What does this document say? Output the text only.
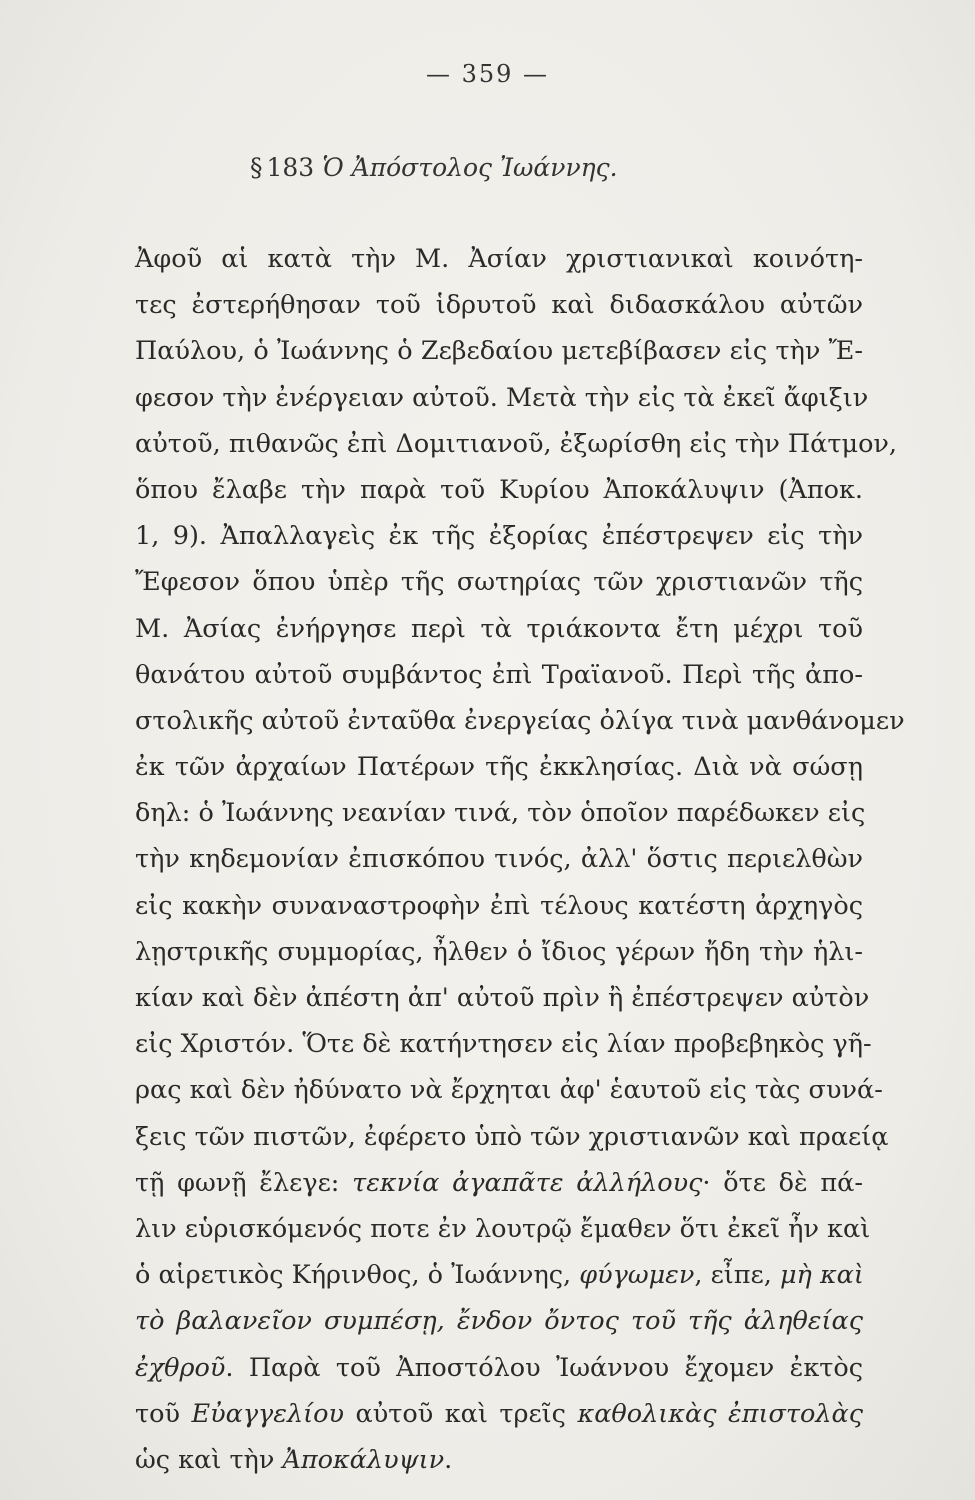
— 359 —
§ 183 Ὁ Ἀπόστολος Ἰωάννης.
Ἀφοῦ αἱ κατὰ τὴν Μ. Ἀσίαν χριστιανικαὶ κοινότη-
τες ἐστερήθησαν τοῦ ἱδρυτοῦ καὶ διδασκάλου αὐτῶν
Παύλου, ὁ Ἰωάννης ὁ Ζεβεδαίου μετεβίβασεν εἰς τὴν Ἔ-
φεσον τὴν ἐνέργειαν αὐτοῦ. Μετὰ τὴν εἰς τὰ ἐκεῖ ἄφιξιν
αὐτοῦ, πιθανῶς ἐπὶ Δομιτιανοῦ, ἐξωρίσθη εἰς τὴν Πάτμον,
ὅπου ἔλαβε τὴν παρὰ τοῦ Κυρίου Ἀποκάλυψιν (Ἀποκ.
1, 9). Ἀπαλλαγεὶς ἐκ τῆς ἐξορίας ἐπέστρεψεν εἰς τὴν
Ἔφεσον ὅπου ὑπὲρ τῆς σωτηρίας τῶν χριστιανῶν τῆς
Μ. Ἀσίας ἐνήργησε περὶ τὰ τριάκοντα ἔτη μέχρι τοῦ
θανάτου αὐτοῦ συμβάντος ἐπὶ Τραϊανοῦ. Περὶ τῆς ἀπο-
στολικῆς αὐτοῦ ἐνταῦθα ἐνεργείας ὀλίγα τινὰ μανθάνομεν
ἐκ τῶν ἀρχαίων Πατέρων τῆς ἐκκλησίας. Διὰ νὰ σώσῃ
δηλ: ὁ Ἰωάννης νεανίαν τινά, τὸν ὁποῖον παρέδωκεν εἰς
τὴν κηδεμονίαν ἐπισκόπου τινός, ἀλλ' ὅστις περιελθὼν
εἰς κακὴν συναναστροφὴν ἐπὶ τέλους κατέστη ἀρχηγὸς
λῃστρικῆς συμμορίας, ἦλθεν ὁ ἴδιος γέρων ἤδη τὴν ἡλι-
κίαν καὶ δὲν ἀπέστη ἀπ' αὐτοῦ πρὶν ἢ ἐπέστρεψεν αὐτὸν
εἰς Χριστόν. Ὅτε δὲ κατήντησεν εἰς λίαν προβεβηκὸς γῆ-
ρας καὶ δὲν ἠδύνατο νὰ ἔρχηται ἀφ' ἑαυτοῦ εἰς τὰς συνά-
ξεις τῶν πιστῶν, ἐφέρετο ὑπὸ τῶν χριστιανῶν καὶ πραείᾳ
τῇ φωνῇ ἔλεγε: τεκνία ἀγαπᾶτε ἀλλήλους· ὅτε δὲ πά-
λιν εὑρισκόμενός ποτε ἐν λουτρῷ ἔμαθεν ὅτι ἐκεῖ ἦν καὶ
ὁ αἱρετικὸς Κήρινθος, ὁ Ἰωάννης, φύγωμεν, εἶπε, μὴ καὶ
τὸ βαλανεῖον συμπέσῃ, ἔνδον ὄντος τοῦ τῆς ἀληθείας
ἐχθροῦ. Παρὰ τοῦ Ἀποστόλου Ἰωάννου ἔχομεν ἐκτὸς
τοῦ Εὐαγγελίου αὐτοῦ καὶ τρεῖς καθολικὰς ἐπιστολὰς
ὡς καὶ τὴν Ἀποκάλυψιν.
